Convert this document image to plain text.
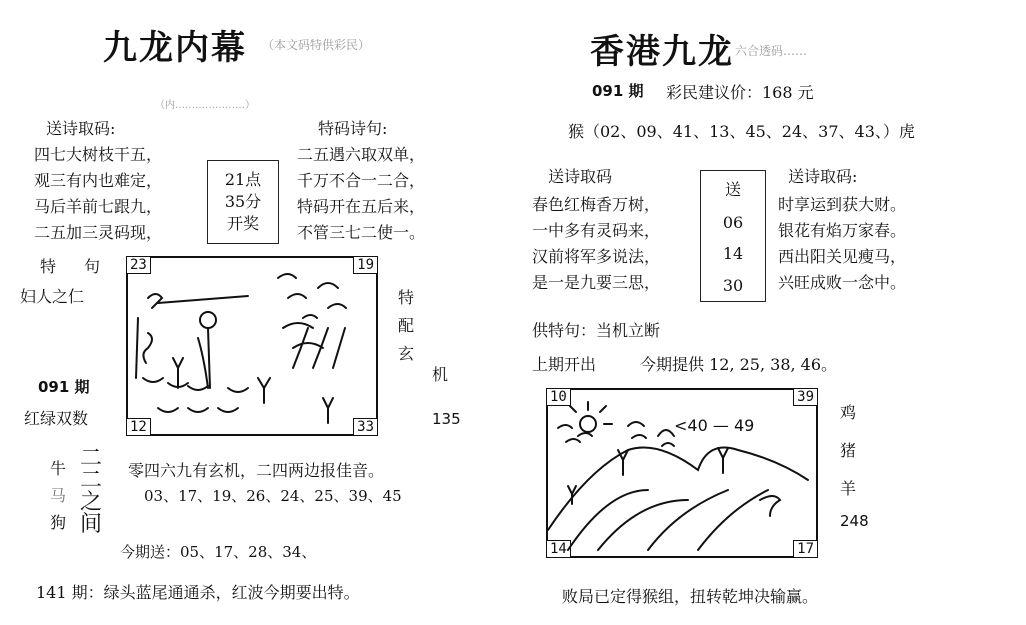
九龙内幕 （本文码特供彩民）
（内…………………）
送诗取码:	特码诗句:
四七大树枝干五，
观三有内也难定，
马后羊前七跟九，
二五加三灵码现，
21点
35分
开奖
二五遇六取双单，
千万不合一二合，
特码开在五后来，
不管三七二使一。
特　句
妇人之仁
091 期
红绿双数
23	19
12	33
特
配
玄
机
135
牛
马
狗
二
二
之
间
零四六九有玄机，二四两边报佳音。
03、17、19、26、24、25、39、45
今期送：05、17、28、34、
141 期：绿头蓝尾通通杀，红波今期要出特。
香港九龙 六合透码……
091 期 彩民建议价：168 元
猴（02、09、41、13、45、24、37、43、）虎
送诗取码	送诗取码:
春色红梅香万树，
一中多有灵码来，
汉前将军多说法，
是一是九要三思，
送
06
14
30
时享运到获大财。
银花有焰万家春。
西出阳关见瘦马，
兴旺成败一念中。
供特句：当机立断
上期开出	今期提供 12, 25, 38, 46。
10	39
14	17
<40 — 49
鸡
猪
羊
248
败局已定得猴组，扭转乾坤决输赢。
